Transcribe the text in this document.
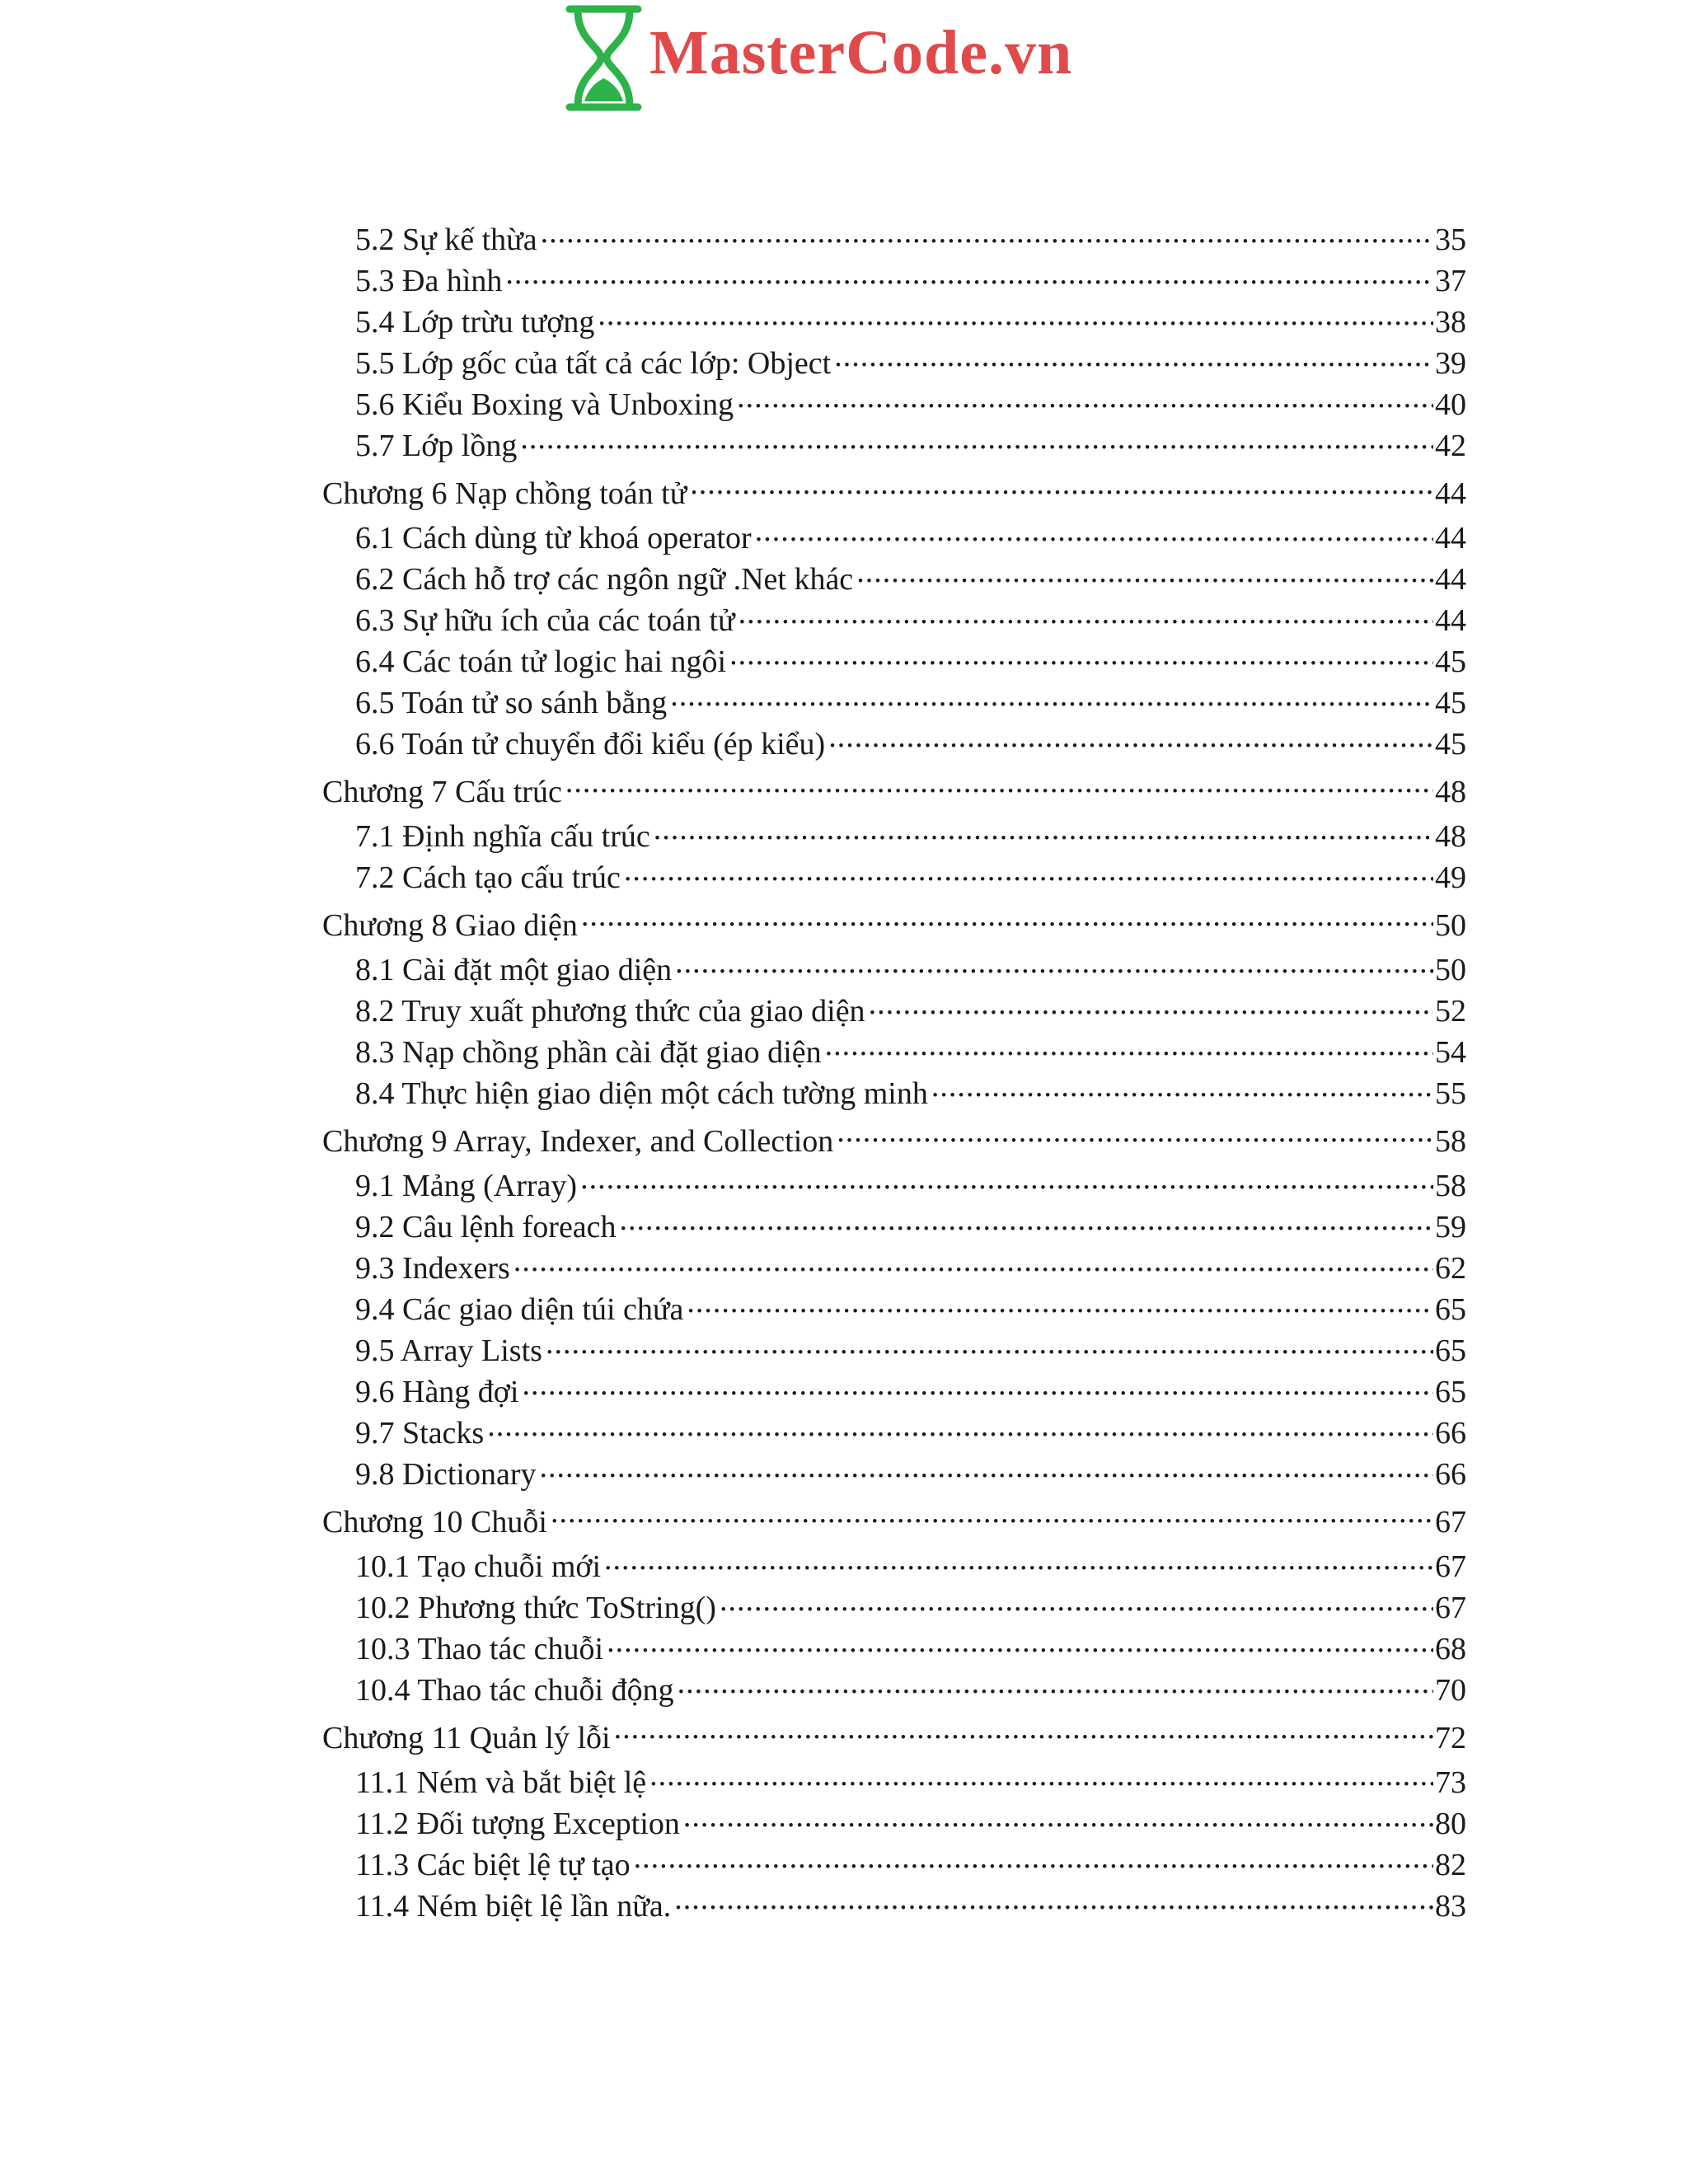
MasterCode.vn
5.2 Sự kế thừa .....	35
5.3 Đa hình .....	37
5.4 Lớp trừu tượng .....	38
5.5 Lớp gốc của tất cả các lớp: Object .....	39
5.6 Kiểu Boxing và Unboxing .....	40
5.7 Lớp lồng .....	42
Chương 6 Nạp chồng toán tử .....	44
6.1 Cách dùng từ khoá operator .....	44
6.2 Cách hỗ trợ các ngôn ngữ .Net khác .....	44
6.3 Sự hữu ích của các toán tử .....	44
6.4 Các toán tử logic hai ngôi .....	45
6.5 Toán tử so sánh bằng .....	45
6.6 Toán tử chuyển đổi kiểu (ép kiểu) .....	45
Chương 7 Cấu trúc .....	48
7.1 Định nghĩa cấu trúc .....	48
7.2 Cách tạo cấu trúc .....	49
Chương 8 Giao diện .....	50
8.1 Cài đặt một giao diện .....	50
8.2 Truy xuất phương thức của giao diện .....	52
8.3 Nạp chồng phần cài đặt giao diện .....	54
8.4 Thực hiện giao diện một cách tường minh .....	55
Chương 9 Array, Indexer, and Collection .....	58
9.1 Mảng (Array) .....	58
9.2 Câu lệnh foreach .....	59
9.3 Indexers .....	62
9.4 Các giao diện túi chứa .....	65
9.5 Array Lists .....	65
9.6 Hàng đợi .....	65
9.7 Stacks .....	66
9.8 Dictionary .....	66
Chương 10 Chuỗi .....	67
10.1 Tạo chuỗi mới .....	67
10.2 Phương thức ToString() .....	67
10.3 Thao tác chuỗi .....	68
10.4 Thao tác chuỗi động .....	70
Chương 11 Quản lý lỗi .....	72
11.1 Ném và bắt biệt lệ .....	73
11.2 Đối tượng Exception .....	80
11.3 Các biệt lệ tự tạo .....	82
11.4 Ném biệt lệ lần nữa. .....	83
